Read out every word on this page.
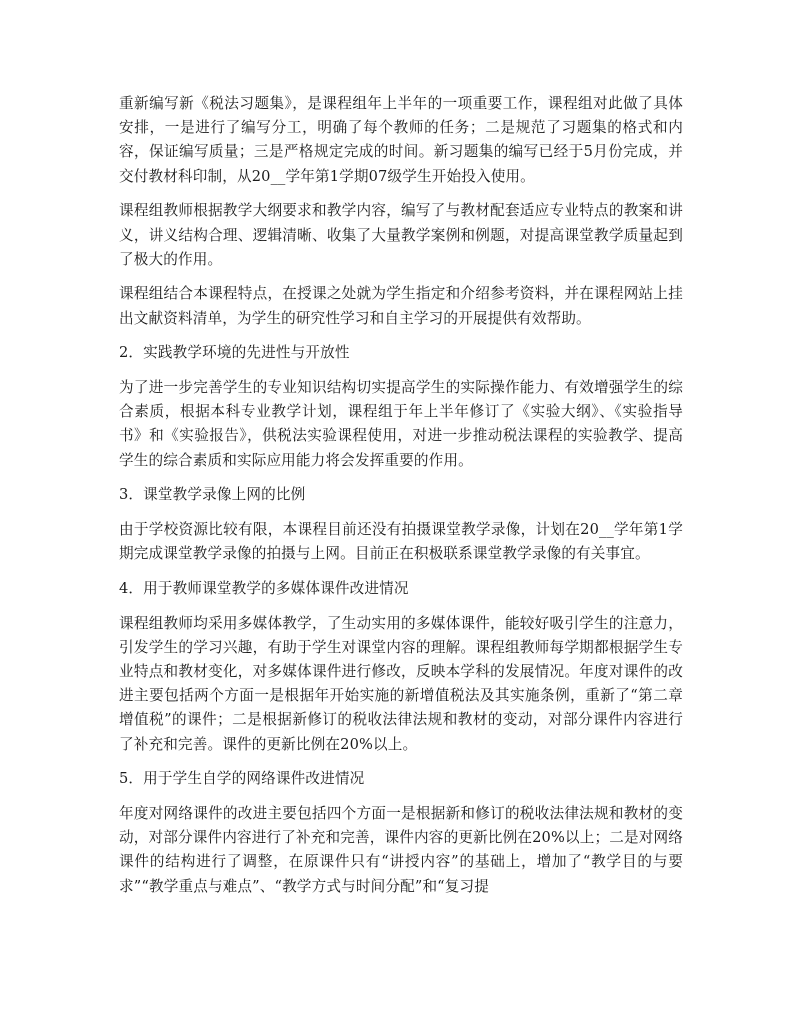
重新编写新《税法习题集》，是课程组年上半年的一项重要工作，课程组对此做了具体安排，一是进行了编写分工，明确了每个教师的任务；二是规范了习题集的格式和内容，保证编写质量；三是严格规定完成的时间。新习题集的编写已经于5月份完成，并交付教材科印制，从20__学年第1学期07级学生开始投入使用。

课程组教师根据教学大纲要求和教学内容，编写了与教材配套适应专业特点的教案和讲义，讲义结构合理、逻辑清晰、收集了大量教学案例和例题，对提高课堂教学质量起到了极大的作用。

课程组结合本课程特点，在授课之处就为学生指定和介绍参考资料，并在课程网站上挂出文献资料清单，为学生的研究性学习和自主学习的开展提供有效帮助。

2．实践教学环境的先进性与开放性

为了进一步完善学生的专业知识结构切实提高学生的实际操作能力、有效增强学生的综合素质，根据本科专业教学计划，课程组于年上半年修订了《实验大纲》、《实验指导书》和《实验报告》，供税法实验课程使用，对进一步推动税法课程的实验教学、提高学生的综合素质和实际应用能力将会发挥重要的作用。

3．课堂教学录像上网的比例

由于学校资源比较有限，本课程目前还没有拍摄课堂教学录像，计划在20__学年第1学期完成课堂教学录像的拍摄与上网。目前正在积极联系课堂教学录像的有关事宜。

4．用于教师课堂教学的多媒体课件改进情况

课程组教师均采用多媒体教学，了生动实用的多媒体课件，能较好吸引学生的注意力，引发学生的学习兴趣，有助于学生对课堂内容的理解。课程组教师每学期都根据学生专业特点和教材变化，对多媒体课件进行修改，反映本学科的发展情况。年度对课件的改进主要包括两个方面一是根据年开始实施的新增值税法及其实施条例，重新了“第二章增值税”的课件；二是根据新修订的税收法律法规和教材的变动，对部分课件内容进行了补充和完善。课件的更新比例在20%以上。

5．用于学生自学的网络课件改进情况

年度对网络课件的改进主要包括四个方面一是根据新和修订的税收法律法规和教材的变动，对部分课件内容进行了补充和完善，课件内容的更新比例在20%以上；二是对网络课件的结构进行了调整，在原课件只有“讲授内容”的基础上，增加了“教学目的与要求”“教学重点与难点”、“教学方式与时间分配”和“复习提
